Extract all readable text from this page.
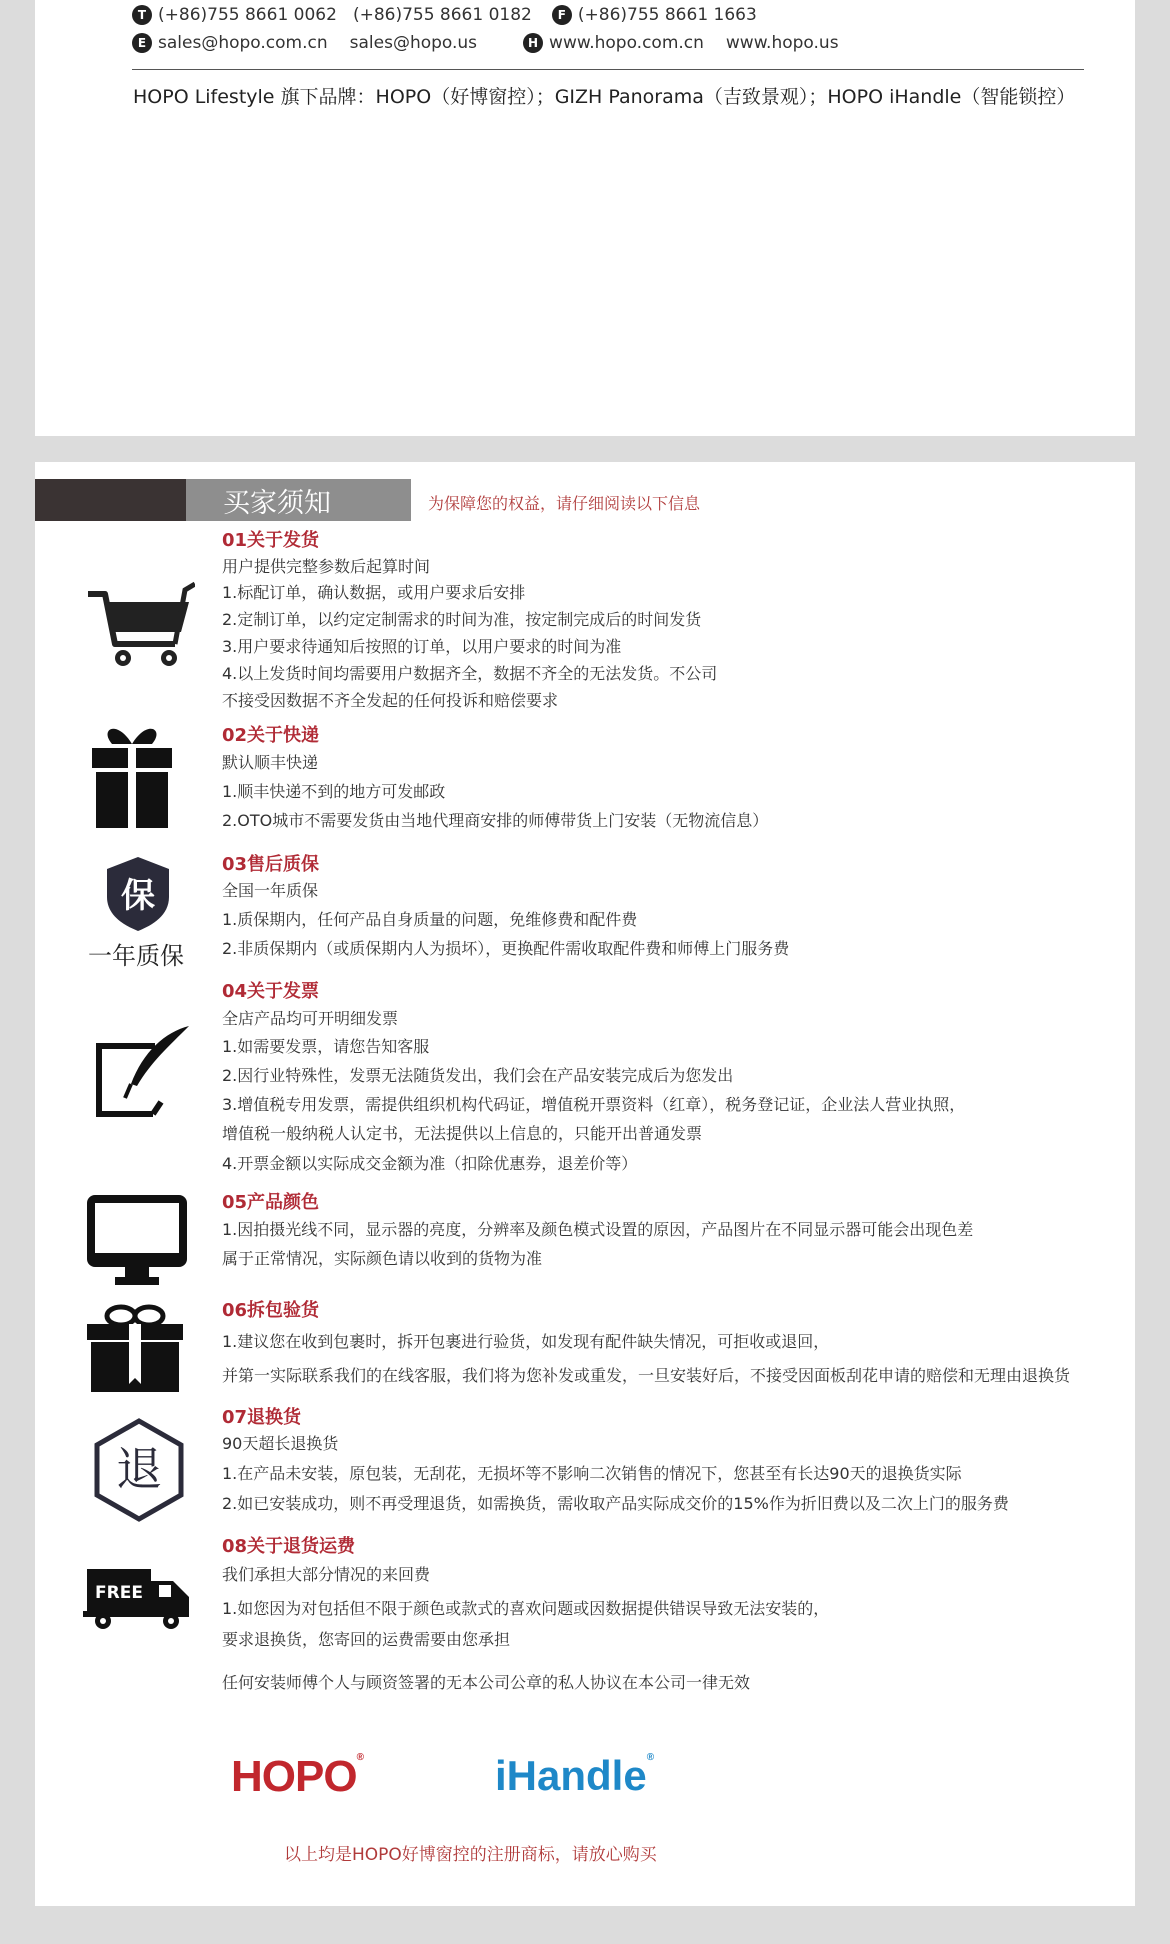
T (+86)755 8661 0062 (+86)755 8661 0182	F (+86)755 8661 1663
E sales@hopo.com.cn sales@hopo.us	H www.hopo.com.cn www.hopo.us
HOPO Lifestyle 旗下品牌：HOPO（好博窗控）；GIZH Panorama（吉致景观）；HOPO iHandle（智能锁控）
买家须知	为保障您的权益，请仔细阅读以下信息
01关于发货
用户提供完整参数后起算时间
1.标配订单，确认数据，或用户要求后安排
2.定制订单，以约定定制需求的时间为准，按定制完成后的时间发货
3.用户要求待通知后按照的订单，以用户要求的时间为准
4.以上发货时间均需要用户数据齐全，数据不齐全的无法发货。不公司
不接受因数据不齐全发起的任何投诉和赔偿要求
02关于快递
默认顺丰快递
1.顺丰快递不到的地方可发邮政
2.OTO城市不需要发货由当地代理商安排的师傅带货上门安装（无物流信息）
03售后质保
全国一年质保
1.质保期内，任何产品自身质量的问题，免维修费和配件费
2.非质保期内（或质保期内人为损坏），更换配件需收取配件费和师傅上门服务费
保
一年质保
04关于发票
全店产品均可开明细发票
1.如需要发票，请您告知客服
2.因行业特殊性，发票无法随货发出，我们会在产品安装完成后为您发出
3.增值税专用发票，需提供组织机构代码证，增值税开票资料（红章），税务登记证，企业法人营业执照，
增值税一般纳税人认定书，无法提供以上信息的，只能开出普通发票
4.开票金额以实际成交金额为准（扣除优惠券，退差价等）
05产品颜色
1.因拍摄光线不同，显示器的亮度，分辨率及颜色模式设置的原因，产品图片在不同显示器可能会出现色差
属于正常情况，实际颜色请以收到的货物为准
06拆包验货
1.建议您在收到包裹时，拆开包裹进行验货，如发现有配件缺失情况，可拒收或退回，
并第一实际联系我们的在线客服，我们将为您补发或重发，一旦安装好后，不接受因面板刮花申请的赔偿和无理由退换货
07退换货
90天超长退换货
1.在产品未安装，原包装，无刮花，无损坏等不影响二次销售的情况下，您甚至有长达90天的退换货实际
2.如已安装成功，则不再受理退货，如需换货，需收取产品实际成交价的15%作为折旧费以及二次上门的服务费
退
08关于退货运费
我们承担大部分情况的来回费
1.如您因为对包括但不限于颜色或款式的喜欢问题或因数据提供错误导致无法安装的，
要求退换货，您寄回的运费需要由您承担
FREE
任何安装师傅个人与顾资签署的无本公司公章的私人协议在本公司一律无效
HOPO®	iHandle®
以上均是HOPO好博窗控的注册商标，请放心购买
